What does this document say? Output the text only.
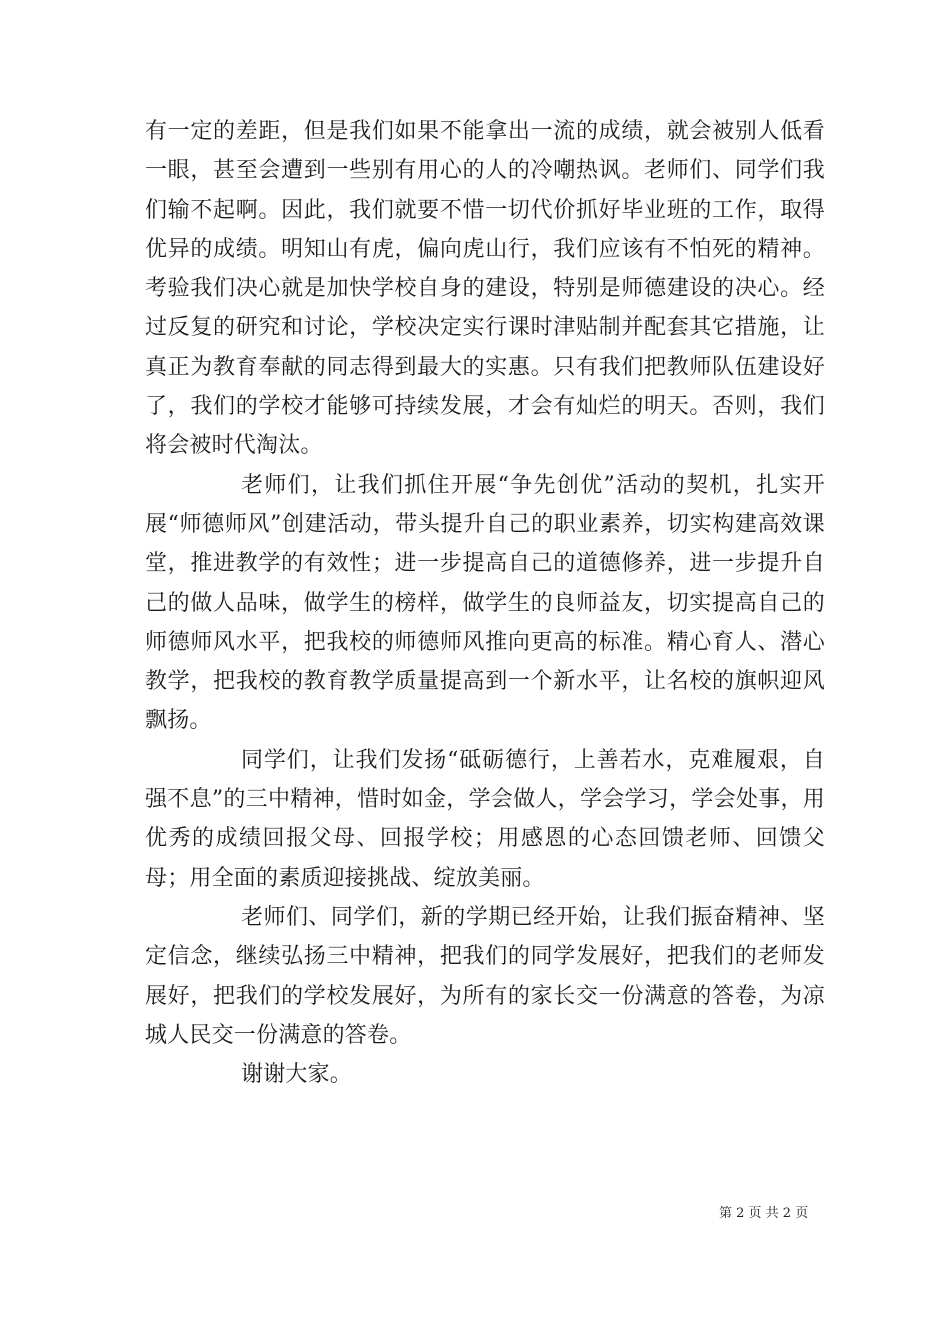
有一定的差距，但是我们如果不能拿出一流的成绩，就会被别人低看一眼，甚至会遭到一些别有用心的人的冷嘲热讽。老师们、同学们我们输不起啊。因此，我们就要不惜一切代价抓好毕业班的工作，取得优异的成绩。明知山有虎，偏向虎山行，我们应该有不怕死的精神。考验我们决心就是加快学校自身的建设，特别是师德建设的决心。经过反复的研究和讨论，学校决定实行课时津贴制并配套其它措施，让真正为教育奉献的同志得到最大的实惠。只有我们把教师队伍建设好了，我们的学校才能够可持续发展，才会有灿烂的明天。否则，我们将会被时代淘汰。

老师们，让我们抓住开展“争先创优”活动的契机，扎实开展“师德师风”创建活动，带头提升自己的职业素养，切实构建高效课堂，推进教学的有效性；进一步提高自己的道德修养，进一步提升自己的做人品味，做学生的榜样，做学生的良师益友，切实提高自己的师德师风水平，把我校的师德师风推向更高的标准。精心育人、潜心教学，把我校的教育教学质量提高到一个新水平，让名校的旗帜迎风飘扬。

同学们，让我们发扬“砥砺德行，上善若水，克难履艰，自强不息”的三中精神，惜时如金，学会做人，学会学习，学会处事，用优秀的成绩回报父母、回报学校；用感恩的心态回馈老师、回馈父母；用全面的素质迎接挑战、绽放美丽。

老师们、同学们，新的学期已经开始，让我们振奋精神、坚定信念，继续弘扬三中精神，把我们的同学发展好，把我们的老师发展好，把我们的学校发展好，为所有的家长交一份满意的答卷，为凉城人民交一份满意的答卷。

谢谢大家。

第 2 页 共 2 页
